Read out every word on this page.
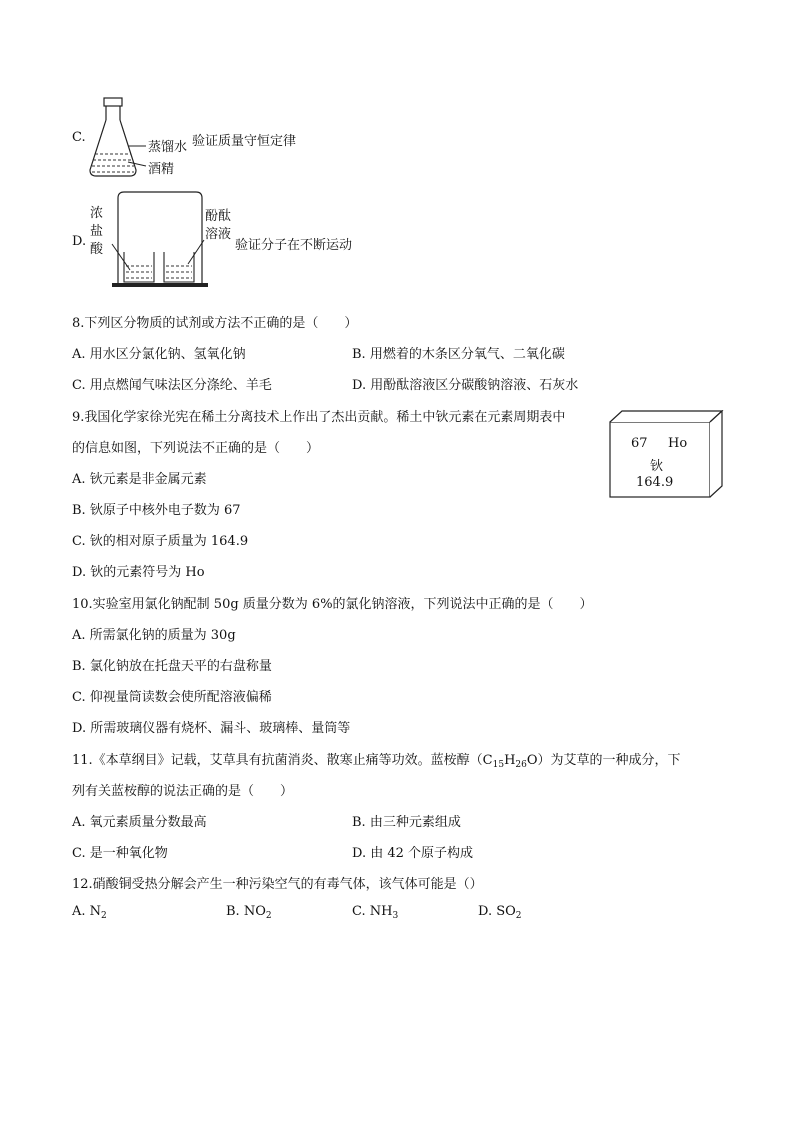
C.
蒸馏水
酒精
验证质量守恒定律
D.
浓
盐
酸
酚酞
溶液
验证分子在不断运动
8.下列区分物质的试剂或方法不正确的是（　　）
A. 用水区分氯化钠、氢氧化钠	B. 用燃着的木条区分氧气、二氧化碳
C. 用点燃闻气味法区分涤纶、羊毛	D. 用酚酞溶液区分碳酸钠溶液、石灰水
9.我国化学家徐光宪在稀土分离技术上作出了杰出贡献。稀土中钬元素在元素周期表中
的信息如图，下列说法不正确的是（　　）
A. 钬元素是非金属元素
B. 钬原子中核外电子数为 67
C. 钬的相对原子质量为 164.9
D. 钬的元素符号为 Ho
67 Ho
钬
164.9
10.实验室用氯化钠配制 50g 质量分数为 6%的氯化钠溶液，下列说法中正确的是（　　）
A. 所需氯化钠的质量为 30g
B. 氯化钠放在托盘天平的右盘称量
C. 仰视量筒读数会使所配溶液偏稀
D. 所需玻璃仪器有烧杯、漏斗、玻璃棒、量筒等
11.《本草纲目》记载，艾草具有抗菌消炎、散寒止痛等功效。蓝桉醇$(C_{15}H_{26}O)$为艾草的一种成分，下
列有关蓝桉醇的说法正确的是（　　）
A. 氧元素质量分数最高	B. 由三种元素组成
C. 是一种氧化物	D. 由 42 个原子构成
12.硝酸铜受热分解会产生一种污染空气的有毒气体，该气体可能是（）
A. $N_2$	B. $NO_2$	C. $NH_3$	D. $SO_2$
